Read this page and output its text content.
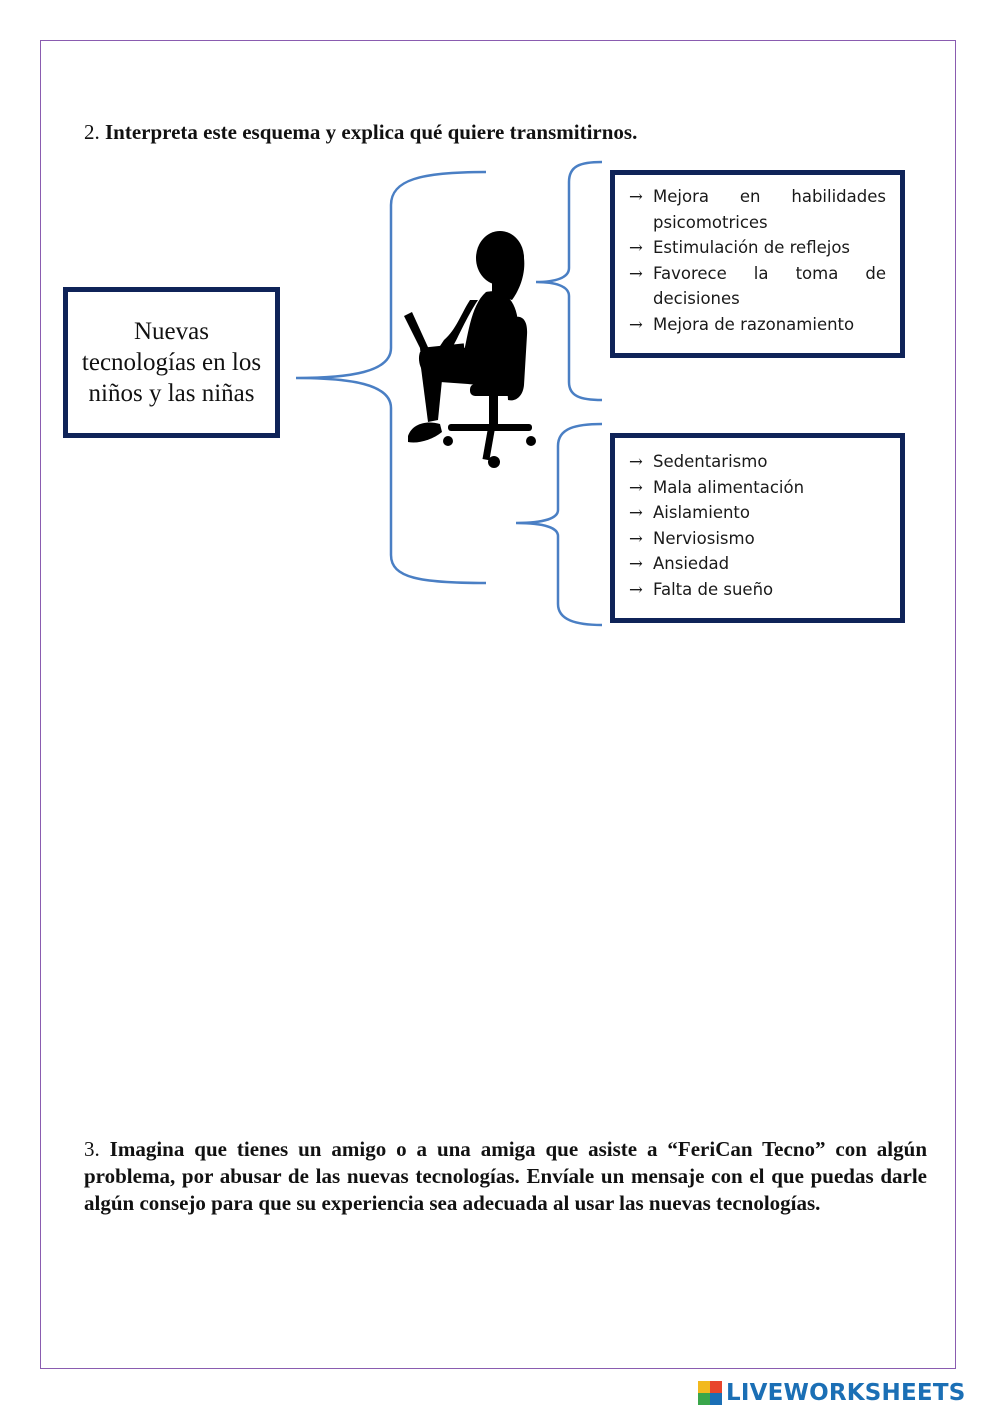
2. Interpreta este esquema y explica qué quiere transmitirnos.
Nuevas tecnologías en los niños y las niñas
→ Mejora en habilidades psicomotrices
→ Estimulación de reflejos
→ Favorece la toma de decisiones
→ Mejora de razonamiento
→ Sedentarismo
→ Mala alimentación
→ Aislamiento
→ Nerviosismo
→ Ansiedad
→ Falta de sueño
3. Imagina que tienes un amigo o a una amiga que asiste a “FeriCan Tecno” con algún problema, por abusar de las nuevas tecnologías. Envíale un mensaje con el que puedas darle algún consejo para que su experiencia sea adecuada al usar las nuevas tecnologías.
LIVEWORKSHEETS
